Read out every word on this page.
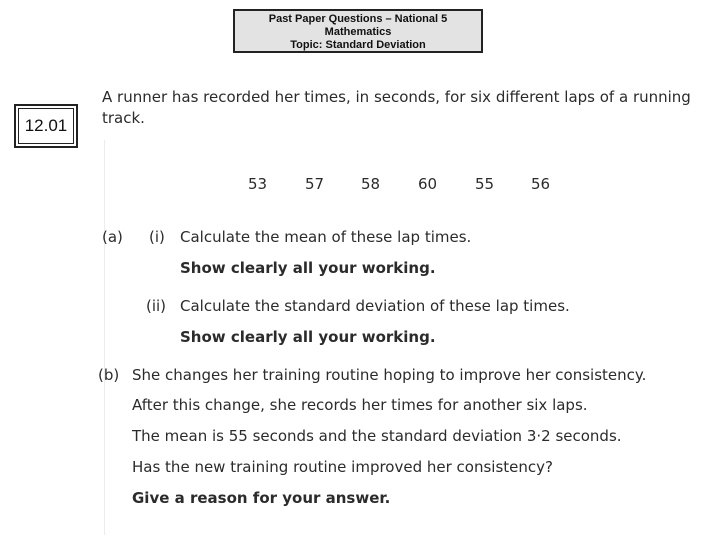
Past Paper Questions – National 5
Mathematics
Topic: Standard Deviation
12.01
A runner has recorded her times, in seconds, for six different laps of a running
track.
53	57 58	60	55 56
(a) (i) Calculate the mean of these lap times.
Show clearly all your working.
(ii) Calculate the standard deviation of these lap times.
Show clearly all your working.
(b) She changes her training routine hoping to improve her consistency.
After this change, she records her times for another six laps.
The mean is 55 seconds and the standard deviation 3·2 seconds.
Has the new training routine improved her consistency?
Give a reason for your answer.
